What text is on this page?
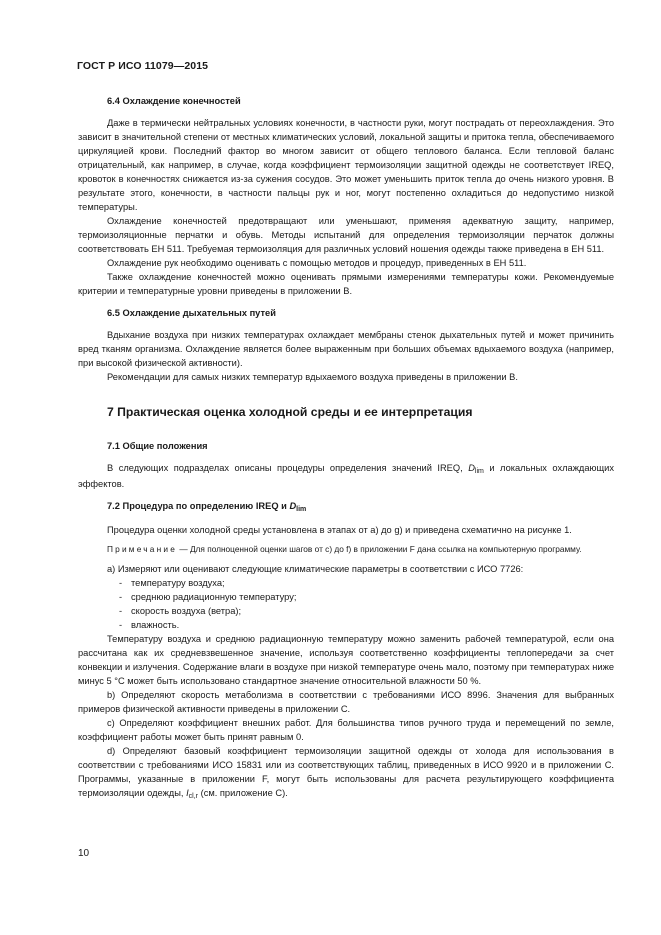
ГОСТ Р ИСО 11079—2015
6.4 Охлаждение конечностей

Даже в термически нейтральных условиях конечности, в частности руки, могут пострадать от переохлаждения. Это зависит в значительной степени от местных климатических условий, локальной защиты и притока тепла, обеспечиваемого циркуляцией крови. Последний фактор во многом зависит от общего теплового баланса. Если тепловой баланс отрицательный, как например, в случае, когда коэффициент термоизоляции защитной одежды не соответствует IREQ, кровоток в конечностях снижается из-за сужения сосудов. Это может уменьшить приток тепла до очень низкого уровня. В результате этого, конечности, в частности пальцы рук и ног, могут постепенно охладиться до недопустимо низкой температуры.

Охлаждение конечностей предотвращают или уменьшают, применяя адекватную защиту, например, термоизоляционные перчатки и обувь. Методы испытаний для определения термоизоляции перчаток должны соответствовать ЕН 511. Требуемая термоизоляция для различных условий ношения одежды также приведена в ЕН 511.

Охлаждение рук необходимо оценивать с помощью методов и процедур, приведенных в ЕН 511.

Также охлаждение конечностей можно оценивать прямыми измерениями температуры кожи. Рекомендуемые критерии и температурные уровни приведены в приложении В.

6.5 Охлаждение дыхательных путей

Вдыхание воздуха при низких температурах охлаждает мембраны стенок дыхательных путей и может причинить вред тканям организма. Охлаждение является более выраженным при больших объемах вдыхаемого воздуха (например, при высокой физической активности).

Рекомендации для самых низких температур вдыхаемого воздуха приведены в приложении В.

7 Практическая оценка холодной среды и ее интерпретация
7.1 Общие положения

В следующих подразделах описаны процедуры определения значений IREQ, $D_{lim}$ и локальных охлаждающих эффектов.

7.2 Процедура по определению IREQ и $D_{lim}$

Процедура оценки холодной среды установлена в этапах от а) до g) и приведена схематично на рисунке 1.

Примечание — Для полноценной оценки шагов от с) до f) в приложении F дана ссылка на компьютерную программу.

а) Измеряют или оценивают следующие климатические параметры в соответствии с ИСО 7726:

- температуру воздуха;
- среднюю радиационную температуру;
- скорость воздуха (ветра);
- влажность.

Температуру воздуха и среднюю радиационную температуру можно заменить рабочей температурой, если она рассчитана как их средневзвешенное значение, используя соответственно коэффициенты теплопередачи за счет конвекции и излучения. Содержание влаги в воздухе при низкой температуре очень мало, поэтому при температурах ниже минус 5 °C может быть использовано стандартное значение относительной влажности 50 %.

b) Определяют скорость метаболизма в соответствии с требованиями ИСО 8996. Значения для выбранных примеров физической активности приведены в приложении С.

с) Определяют коэффициент внешних работ. Для большинства типов ручного труда и перемещений по земле, коэффициент работы может быть принят равным 0.

d) Определяют базовый коэффициент термоизоляции защитной одежды от холода для использования в соответствии с требованиями ИСО 15831 или из соответствующих таблиц, приведенных в ИСО 9920 и в приложении С. Программы, указанные в приложении F, могут быть использованы для расчета результирующего коэффициента термоизоляции одежды, $I_{cl,r}$ (см. приложение С).

10
